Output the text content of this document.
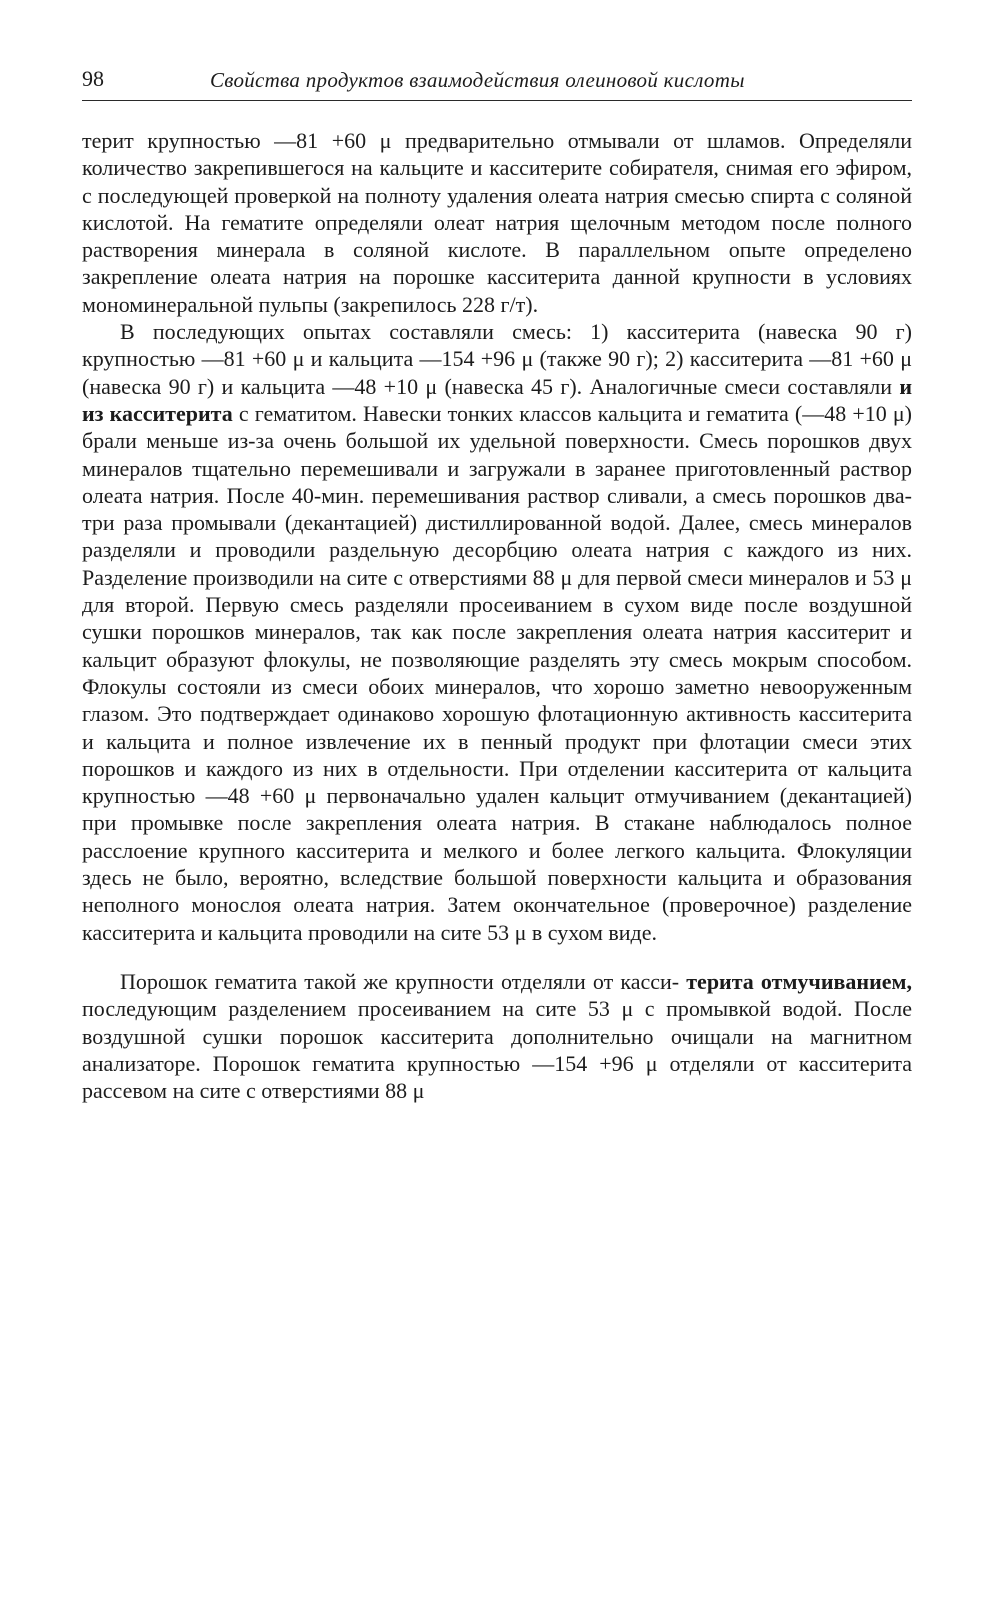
98	Свойства продуктов взаимодействия олеиновой кислоты

терит крупностью —81 +60 μ предварительно отмывали от шламов. Определяли количество закрепившегося на кальците и касситерите собирателя, снимая его эфиром, с последующей проверкой на полноту удаления олеата натрия смесью спирта с соляной кислотой. На гематите определяли олеат натрия щелочным методом после полного растворения минерала в соляной кислоте. В параллельном опыте определено закрепление олеата натрия на порошке касситерита данной крупности в условиях мономинеральной пульпы (закрепилось 228 г/т).

В последующих опытах составляли смесь: 1) касситерита (навеска 90 г) крупностью —81 +60 μ и кальцита —154 +96 μ (также 90 г); 2) касситерита —81 +60 μ (навеска 90 г) и кальцита —48 +10 μ (навеска 45 г). Аналогичные смеси составляли и из касситерита с гематитом. Навески тонких классов кальцита и гематита (—48 +10 μ) брали меньше из-за очень большой их удельной поверхности. Смесь порошков двух минералов тщательно перемешивали и загружали в заранее приготовленный раствор олеата натрия. После 40-мин. перемешивания раствор сливали, а смесь порошков два-три раза промывали (декантацией) дистиллированной водой. Далее, смесь минералов разделяли и проводили раздельную десорбцию олеата натрия с каждого из них. Разделение производили на сите с отверстиями 88 μ для первой смеси минералов и 53 μ для второй. Первую смесь разделяли просеиванием в сухом виде после воздушной сушки порошков минералов, так как после закрепления олеата натрия касситерит и кальцит образуют флокулы, не позволяющие разделять эту смесь мокрым способом. Флокулы состояли из смеси обоих минералов, что хорошо заметно невооруженным глазом. Это подтверждает одинаково хорошую флотационную активность касситерита и кальцита и полное извлечение их в пенный продукт при флотации смеси этих порошков и каждого из них в отдельности. При отделении касситерита от кальцита крупностью —48 +60 μ первоначально удален кальцит отмучиванием (декантацией) при промывке после закрепления олеата натрия. В стакане наблюдалось полное расслоение крупного касситерита и мелкого и более легкого кальцита. Флокуляции здесь не было, вероятно, вследствие большой поверхности кальцита и образования неполного монослоя олеата натрия. Затем окончательное (проверочное) разделение касситерита и кальцита проводили на сите 53 μ в сухом виде.

Порошок гематита такой же крупности отделяли от касси- терита отмучиванием, последующим разделением просеиванием на сите 53 μ с промывкой водой. После воздушной сушки порошок касситерита дополнительно очищали на магнитном анализаторе. Порошок гематита крупностью —154 +96 μ отделяли от касситерита рассевом на сите с отверстиями 88 μ
